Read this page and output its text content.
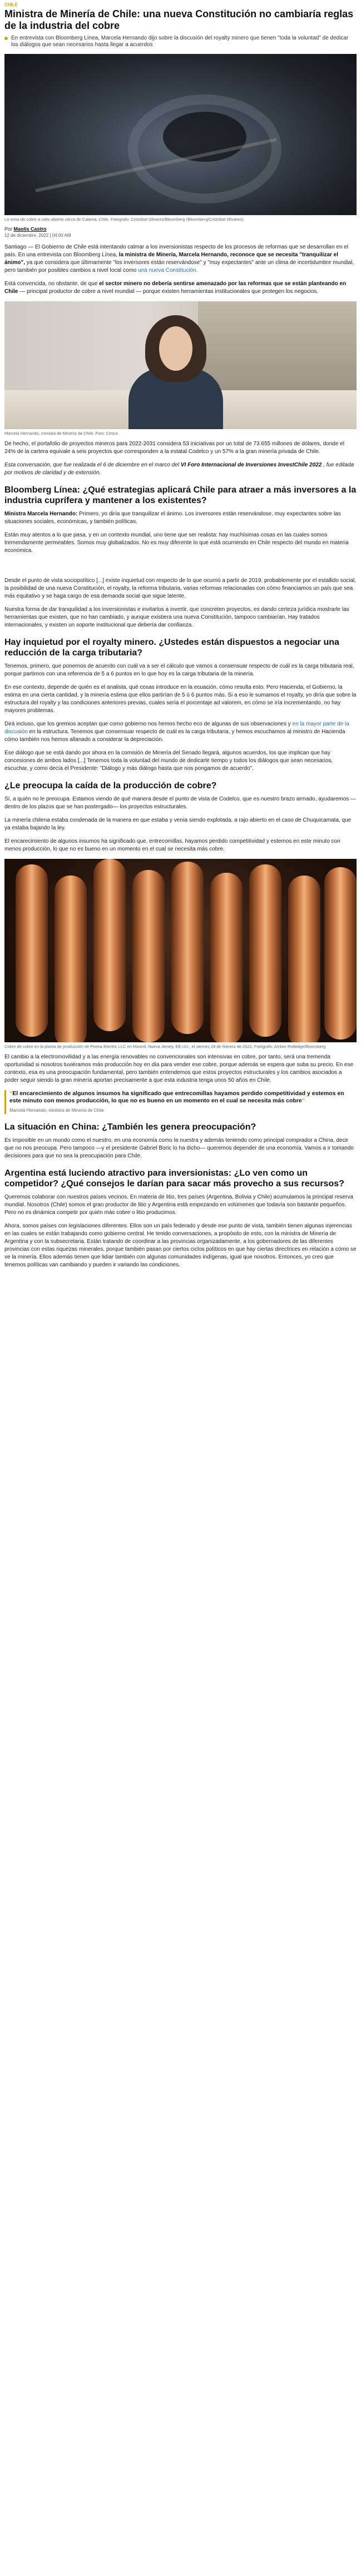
CHILE
Ministra de Minería de Chile: una nueva Constitución no cambiaría reglas de la industria del cobre
En entrevista con Bloomberg Línea, Marcela Hernando dijo sobre la discusión del royalty minero que tienen "toda la voluntad" de dedicar los diálogos que sean necesarios hasta llegar a acuerdos
La mina de cobre a cielo abierto cerca de Calama, Chile. Fotógrafo: Cristóbal Olivares/Bloomberg (Bloomberg/Cristóbal Olivares)
Por Maolis Castro
12 de diciembre, 2022 | 04:00 AM

Santiago — El Gobierno de Chile está intentando calmar a los inversionistas respecto de los procesos de reformas que se desarrollan en el país. En una entrevista con Bloomberg Línea, la ministra de Minería, Marcela Hernando, reconoce que se necesita "tranquilizar el ánimo", ya que considera que últimamente "los inversores están reservándose" y "muy expectantes" ante un clima de incertidumbre mundial, pero también por posibles cambios a nivel local como una nueva Constitución.

Está convencida, no obstante, de que el sector minero no debería sentirse amenazado por las reformas que se están planteando en Chile — principal productor de cobre a nivel mundial — porque existen herramientas institucionales que protegen los negocios.

Marcela Hernando, ministra de Minería de Chile. Foto: Cesco

De hecho, el portafolio de proyectos mineros para 2022-2031 considera 53 iniciativas por un total de 73.655 millones de dólares, donde el 24% de la cartera equivale a seis proyectos que corresponden a la estatal Codelco y un 57% a la gran minería privada de Chile.

Esta conversación, que fue realizada el 6 de diciembre en el marco del VI Foro Internacional de Inversiones InvestChile 2022 , fue editada por motivos de claridad y de extensión.

Bloomberg Línea: ¿Qué estrategias aplicará Chile para atraer a más inversores a la industria cuprífera y mantener a los existentes?

Ministra Marcela Hernando: Primero, yo diría que tranquilizar el ánimo. Los inversores están reservándose, muy expectantes sobre las situaciones sociales, económicas, y también políticas.

Están muy atentos a lo que pasa, y en un contexto mundial, uno tiene que ser realista: hay muchísimas cosas en las cuales somos tremendamente permeables. Somos muy globalizados. No es muy diferente lo que está ocurriendo en Chile respecto del mundo en materia económica.

Desde el punto de vista sociopolítico [...] existe inquietud con respecto de lo que ocurrió a partir de 2019, probablemente por el estallido social, la posibilidad de una nueva Constitución, el royalty, la reforma tributaria, varias reformas relacionadas con cómo financiamos un país que sea más equitativo y se haga cargo de esa demanda social que sigue latente.

Nuestra forma de dar tranquilidad a los inversionistas e invitarlos a invertir, que concreten proyectos, es dando certeza jurídica mostrarle las herramientas que existen, que no han cambiado, y aunque existiera una nueva Constitución, tampoco cambiarían. Hay tratados internacionales, y existen un soporte institucional que debería dar confianza.

Hay inquietud por el royalty minero. ¿Ustedes están dispuestos a negociar una reducción de la carga tributaria?

Tenemos, primero, que ponernos de acuerdo con cuál va a ser el cálculo que vamos a consensuar respecto de cuál es la carga tributaria real, porque partimos con una referencia de 5 a 6 puntos en lo que hoy es la carga tributaria de la minería.

En ese contexto, depende de quién es el analista, qué cosas introduce en la ecuación, cómo resulta esto. Pero Hacienda, el Gobierno, la estima en una cierta cantidad, y la minería estima que ellos partirían de 5 ó 6 puntos más. Si a eso le sumamos el royalty, yo diría que sobre la estructura del royalty y las condiciones anteriores previas, cuales sería el porcentaje ad valorem, en cómo se iría incrementando, no hay mayores problemas.

Dirá incluso, que los gremios aceptan que como gobierno nos hemos hecho eco de algunas de sus observaciones y en la mayor parte de la discusión en la estructura. Tenemos que consensuar respecto de cuál es la carga tributaria, y hemos escuchamos al ministro de Hacienda cómo también nos hemos allanado a considerar la depreciación.

Ese diálogo que se está dando por ahora en la comisión de Minería del Senado llegará, algunos acuerdos, los que implican que hay concesiones de ambos lados [...] Tenemos toda la voluntad del mundo de dedicarle tiempo y todos los diálogos que sean necesarios, escuchar, y como decía el Presidente: "Diálogo y más diálogo hasta que nos pongamos de acuerdo".

¿Le preocupa la caída de la producción de cobre?

Sí, a quién no le preocupa. Estamos viendo de qué manera desde el punto de vista de Codelco, que es nuestro brazo armado, ayudaremos —dentro de los plazos que se han postergado— los proyectos estructurales.

La minería chilena estaba condenada de la manera en que estaba y venía siendo explotada, a rajo abierto en el caso de Chuquicamata, que ya estaba bajando la ley.

El encarecimiento de algunos insumos ha significado que, entrecomillas, hayamos perdido competitividad y estemos en este minuto con menos producción, lo que no es bueno en un momento en el cual se necesita más cobre.

Cobre de cobre en la planta de producción de Penna Electric LLC en Mound, Nueva Jersey, EE.UU., el viernes 28 de febrero de 2022. Fotógrafo: Amber Rutledge/Bloomberg

El cambio a la electromovilidad y a las energía renovables no convencionales son intensivas en cobre, por tanto, será una tremenda oportunidad si nosotros tuviéramos más producción hoy en día para vender ese cobre, porque además se espera que suba su precio. En ese contexto, esa es una preocupación fundamental, pero también entendemos que estos proyectos estructurales y los cambios asociados a poder seguir siendo la gran minería aportan precisamente a que esta industria tenga unos 50 años en Chile.

“El encarecimiento de algunos insumos ha significado que entrecomillas hayamos perdido competitividad y estemos en este minuto con menos producción, lo que no es bueno en un momento en el cual se necesita más cobre”
Marcela Hernando, ministra de Minería de Chile
La situación en China: ¿También les genera preocupación?

Es imposible en un mundo como el nuestro, en una economía como la nuestra y además teniendo como principal comprador a China, decir que no nos preocupa. Pero tampoco —y el presidente Gabriel Boric lo ha dicho— queremos depender de una economía. Vamos a ir tomando decisiones para que no sea la preocupación para Chile.

Argentina está luciendo atractivo para inversionistas: ¿Lo ven como un competidor? ¿Qué consejos le darían para sacar más provecho a sus recursos?

Queremos colaborar con nuestros países vecinos. En materia de litio, tres países (Argentina, Bolivia y Chile) acumulamos la principal reserva mundial. Nosotros (Chile) somos el gran productor de litio y Argentina está empezando en volúmenes que todavía son bastante pequeños. Pero no es dinámica competir por quién más cobre o litio producimos.

Ahora, somos países con legislaciones diferentes. Ellos son un país federado y desde ese punto de vista, también tienen algunas injerencias en las cuales se están trabajando como gobierno central. He tenido conversaciones, a propósito de esto, con la ministra de Minería de Argentina y con la subsecretaria. Están tratando de coordinar a las provincias organizadamente, a los gobernadores de las diferentes provincias con estas riquezas minerales, porque también pasan por ciertos ciclos políticos en que hay ciertas directrices en relación a cómo se ve la minería. Ellos además tienen que lidiar también con algunas comunidades indígenas, igual que nosotros. Entonces, yo creo que tenemos políticas van cambiando y pueden ir variando las condiciones.
